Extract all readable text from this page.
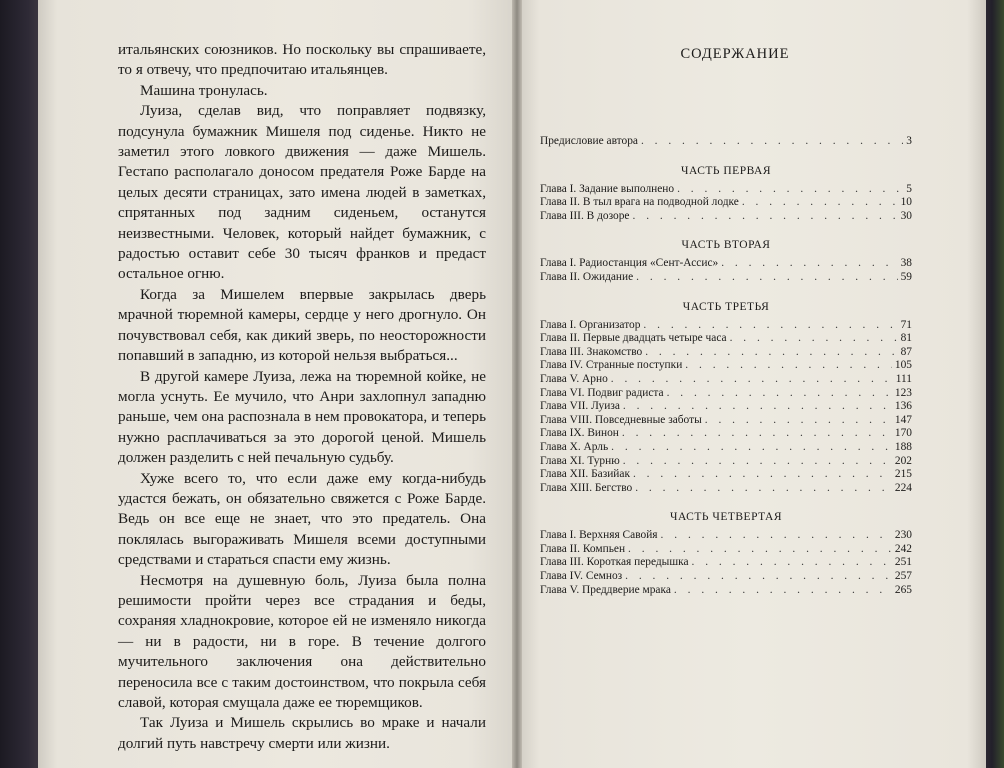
итальянских союзников. Но поскольку вы спрашиваете, то я отвечу, что предпочитаю итальянцев.

Машина тронулась.

Луиза, сделав вид, что поправляет подвязку, подсунула бумажник Мишеля под сиденье. Никто не заметил этого ловкого движения — даже Мишель. Гестапо располагало доносом предателя Роже Барде на целых десяти страницах, зато имена людей в заметках, спрятанных под задним сиденьем, останутся неизвестными. Человек, который найдет бумажник, с радостью оставит себе 30 тысяч франков и предаст остальное огню.

Когда за Мишелем впервые закрылась дверь мрачной тюремной камеры, сердце у него дрогнуло. Он почувствовал себя, как дикий зверь, по неосторожности попавший в западню, из которой нельзя выбраться...

В другой камере Луиза, лежа на тюремной койке, не могла уснуть. Ее мучило, что Анри захлопнул западню раньше, чем она распознала в нем провокатора, и теперь нужно расплачиваться за это дорогой ценой. Мишель должен разделить с ней печальную судьбу.

Хуже всего то, что если даже ему когда-нибудь удастся бежать, он обязательно свяжется с Роже Барде. Ведь он все еще не знает, что это предатель. Она поклялась выгораживать Мишеля всеми доступными средствами и стараться спасти ему жизнь.

Несмотря на душевную боль, Луиза была полна решимости пройти через все страдания и беды, сохраняя хладнокровие, которое ей не изменяло никогда — ни в радости, ни в горе. В течение долгого мучительного заключения она действительно переносила все с таким достоинством, что покрыла себя славой, которая смущала даже ее тюремщиков.

Так Луиза и Мишель скрылись во мраке и начали долгий путь навстречу смерти или жизни.

СОДЕРЖАНИЕ
Предисловие автора . . .	3
ЧАСТЬ ПЕРВАЯ
Глава I. Задание выполнено . . .	5
Глава II. В тыл врага на подводной лодке . . .	10
Глава III. В дозоре . . .	30
ЧАСТЬ ВТОРАЯ
Глава I. Радиостанция «Сент-Ассис» . . .	38
Глава II. Ожидание . . .	59
ЧАСТЬ ТРЕТЬЯ
Глава I. Организатор . . .	71
Глава II. Первые двадцать четыре часа . . .	81
Глава III. Знакомство . . .	87
Глава IV. Странные поступки . . .	105
Глава V. Арно . . .	111
Глава VI. Подвиг радиста . . .	123
Глава VII. Луиза . . .	136
Глава VIII. Повседневные заботы . . .	147
Глава IX. Винон . . .	170
Глава X. Арль . . .	188
Глава XI. Турню . . .	202
Глава XII. Базийак . . .	215
Глава XIII. Бегство . . .	224
ЧАСТЬ ЧЕТВЕРТАЯ
Глава I. Верхняя Савойя . . .	230
Глава II. Компьен . . .	242
Глава III. Короткая передышка . . .	251
Глава IV. Семноз . . .	257
Глава V. Преддверие мрака . . .	265
